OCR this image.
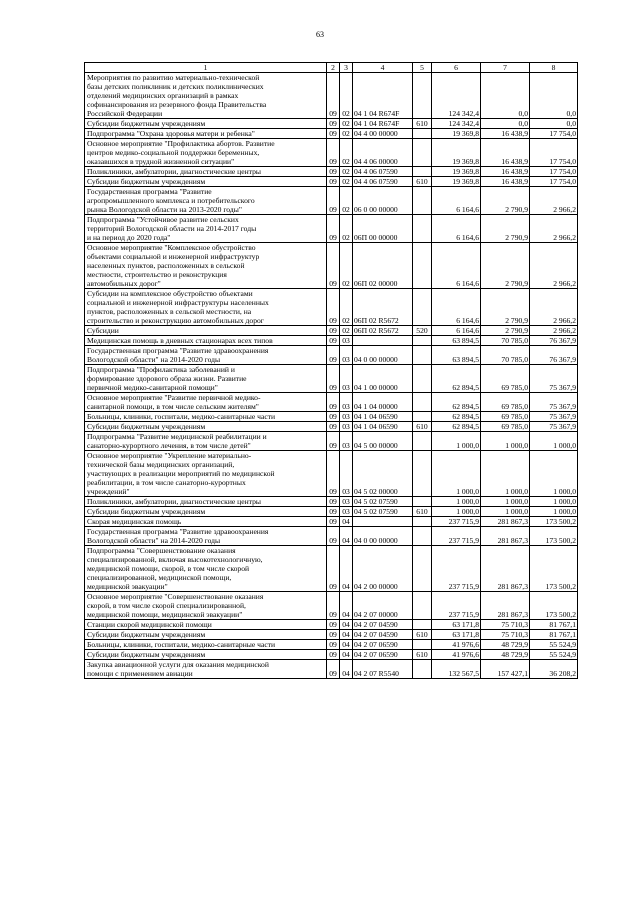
63
1	2	3	4	5	6	7	8
Мероприятия по развитию материально-технической
базы детских поликлиник и детских поликлинических
отделений медицинских организаций в рамках
софинансирования из резервного фонда Правительства
Российской Федерации	09	02	04 1 04 R674F		124 342,4	0,0	0,0
Субсидии бюджетным учреждениям	09	02	04 1 04 R674F	610	124 342,4	0,0	0,0
Подпрограмма "Охрана здоровья матери и ребенка"	09	02	04 4 00 00000		19 369,8	16 438,9	17 754,0
Основное мероприятие "Профилактика абортов. Развитие
центров медико-социальной поддержки беременных,
оказавшихся в трудной жизненной ситуации"	09	02	04 4 06 00000		19 369,8	16 438,9	17 754,0
Поликлиники, амбулатории, диагностические центры	09	02	04 4 06 07590		19 369,8	16 438,9	17 754,0
Субсидии бюджетным учреждениям	09	02	04 4 06 07590	610	19 369,8	16 438,9	17 754,0
Государственная программа "Развитие
агропромышленного комплекса и потребительского
рынка Вологодской области на 2013-2020 годы"	09	02	06 0 00 00000		6 164,6	2 790,9	2 966,2
Подпрограмма "Устойчивое развитие сельских
территорий Вологодской области на 2014-2017 годы
и на период до 2020 года"	09	02	06П 00 00000		6 164,6	2 790,9	2 966,2
Основное мероприятие "Комплексное обустройство
объектами социальной и инженерной инфраструктур
населенных пунктов, расположенных в сельской
местности, строительство и реконструкция
автомобильных дорог"	09	02	06П 02 00000		6 164,6	2 790,9	2 966,2
Субсидии на комплексное обустройство объектами
социальной и инженерной инфраструктуры населенных
пунктов, расположенных в сельской местности, на
строительство и реконструкцию автомобильных дорог	09	02	06П 02 R5672		6 164,6	2 790,9	2 966,2
Субсидии	09	02	06П 02 R5672	520	6 164,6	2 790,9	2 966,2
Медицинская помощь в дневных стационарах всех типов	09	03			63 894,5	70 785,0	76 367,9
Государственная программа "Развитие здравоохранения
Вологодской области" на 2014-2020 годы	09	03	04 0 00 00000		63 894,5	70 785,0	76 367,9
Подпрограмма "Профилактика заболеваний и
формирование здорового образа жизни. Развитие
первичной медико-санитарной помощи"	09	03	04 1 00 00000		62 894,5	69 785,0	75 367,9
Основное мероприятие "Развитие первичной медико-
санитарной помощи, в том числе сельским жителям"	09	03	04 1 04 00000		62 894,5	69 785,0	75 367,9
Больницы, клиники, госпитали, медико-санитарные части	09	03	04 1 04 06590		62 894,5	69 785,0	75 367,9
Субсидии бюджетным учреждениям	09	03	04 1 04 06590	610	62 894,5	69 785,0	75 367,9
Подпрограмма "Развитие медицинской реабилитации и
санаторно-курортного лечения, в том числе детей"	09	03	04 5 00 00000		1 000,0	1 000,0	1 000,0
Основное мероприятие "Укрепление материально-
технической базы медицинских организаций,
участвующих в реализации мероприятий по медицинской
реабилитации, в том числе санаторно-курортных
учреждений"	09	03	04 5 02 00000		1 000,0	1 000,0	1 000,0
Поликлиники, амбулатории, диагностические центры	09	03	04 5 02 07590		1 000,0	1 000,0	1 000,0
Субсидии бюджетным учреждениям	09	03	04 5 02 07590	610	1 000,0	1 000,0	1 000,0
Скорая медицинская помощь	09	04			237 715,9	281 867,3	173 500,2
Государственная программа "Развитие здравоохранения
Вологодской области" на 2014-2020 годы	09	04	04 0 00 00000		237 715,9	281 867,3	173 500,2
Подпрограмма "Совершенствование оказания
специализированной, включая высокотехнологичную,
медицинской помощи, скорой, в том числе скорой
специализированной, медицинской помощи,
медицинской эвакуации"	09	04	04 2 00 00000		237 715,9	281 867,3	173 500,2
Основное мероприятие "Совершенствование оказания
скорой, в том числе скорой специализированной,
медицинской помощи, медицинской эвакуации"	09	04	04 2 07 00000		237 715,9	281 867,3	173 500,2
Станции скорой медицинской помощи	09	04	04 2 07 04590		63 171,8	75 710,3	81 767,1
Субсидии бюджетным учреждениям	09	04	04 2 07 04590	610	63 171,8	75 710,3	81 767,1
Больницы, клиники, госпитали, медико-санитарные части	09	04	04 2 07 06590		41 976,6	48 729,9	55 524,9
Субсидии бюджетным учреждениям	09	04	04 2 07 06590	610	41 976,6	48 729,9	55 524,9
Закупка авиационной услуги для оказания медицинской
помощи с применением авиации	09	04	04 2 07 R5540		132 567,5	157 427,1	36 208,2
